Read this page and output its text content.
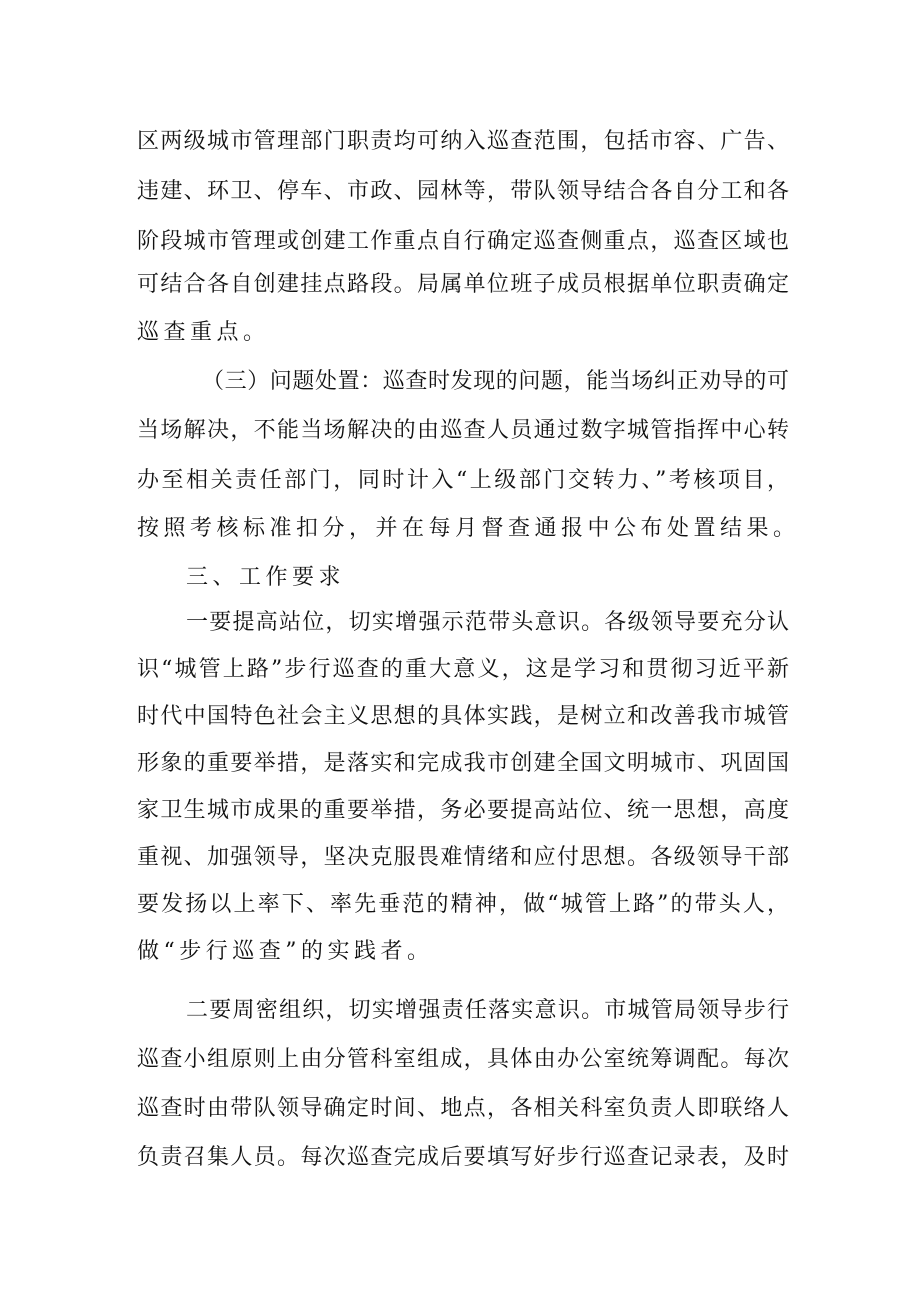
区两级城市管理部门职责均可纳入巡查范围，包括市容、广告、
违建、环卫、停车、市政、园林等，带队领导结合各自分工和各
阶段城市管理或创建工作重点自行确定巡查侧重点，巡查区域也
可结合各自创建挂点路段。局属单位班子成员根据单位职责确定
巡查重点。
（三）问题处置：巡查时发现的问题，能当场纠正劝导的可
当场解决，不能当场解决的由巡查人员通过数字城管指挥中心转
办至相关责任部门，同时计入“上级部门交转力、”考核项目，
按照考核标准扣分，并在每月督查通报中公布处置结果。
三、工作要求
一要提高站位，切实增强示范带头意识。各级领导要充分认
识“城管上路”步行巡查的重大意义，这是学习和贯彻习近平新
时代中国特色社会主义思想的具体实践，是树立和改善我市城管
形象的重要举措，是落实和完成我市创建全国文明城市、巩固国
家卫生城市成果的重要举措，务必要提高站位、统一思想，高度
重视、加强领导，坚决克服畏难情绪和应付思想。各级领导干部
要发扬以上率下、率先垂范的精神，做“城管上路”的带头人，
做“步行巡查”的实践者。
二要周密组织，切实增强责任落实意识。市城管局领导步行
巡查小组原则上由分管科室组成，具体由办公室统筹调配。每次
巡查时由带队领导确定时间、地点，各相关科室负责人即联络人
负责召集人员。每次巡查完成后要填写好步行巡查记录表，及时
